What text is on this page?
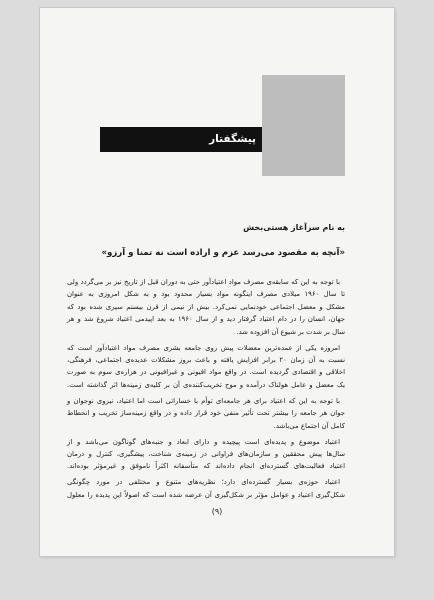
پیشگفتار
به نام سرآغاز هستی‌بخش
«آنچه به مقصود می‌رسد عزم و اراده است نه تمنا و آرزو»
با توجه به این که سابقه‌ی مصرف مواد اعتیادآور حتی به دوران قبل از تاریخ نیز بر می‌گردد ولی
تا سال ۱۹۶۰ میلادی مصرف اینگونه مواد بسیار محدود بود و به شکل امروزی به عنوان
مشکل و معضل اجتماعی خودنمایی نمی‌کرد. بیش از نیمی از قرن بیستم سپری شده بود که
جهان، انسان را در دام اعتیاد گرفتار دید و از سال ۱۹۶۰ به بعد اپیدمی اعتیاد شروع شد و هر
سال بر شدت بر شیوع آن افزوده شد.
امروزه یکی از عمده‌ترین معضلات پیش روی جامعه بشری مصرف مواد اعتیادآور است که
نسبت به آن زمان ۲۰ برابر افزایش یافته و باعث بروز مشکلات عدیده‌ی اجتماعی، فرهنگی،
اخلاقی و اقتصادی گردیده است. در واقع مواد افیونی و غیرافیونی در هزاره‌ی سوم به صورت
یک معضل و عامل هولناک درآمده و موج تخریب‌کننده‌ی آن بر کلیه‌ی زمینه‌ها اثر گذاشته است.
با توجه به این که اعتیاد برای هر جامعه‌ای توأم با خساراتی است اما اعتیاد، نیروی نوجوان و
جوان هر جامعه را بیشتر تحت تأثیر منفی خود قرار داده و در واقع زمینه‌ساز تخریب و انحطاط
کامل آن اجتماع می‌باشد.
اعتیاد موضوع و پدیده‌ای است پیچیده و دارای ابعاد و جنبه‌های گوناگون می‌باشد و از
سال‌ها پیش محققین و سازمان‌های فراوانی در زمینه‌ی شناخت، پیشگیری، کنترل و درمان
اعتیاد فعالیت‌های گسترده‌ای انجام داده‌اند که متأسفانه اکثراً ناموفق و غیرمؤثر بوده‌اند.
اعتیاد حوزه‌ی بسیار گسترده‌ای دارد؛ نظریه‌های متنوع و مختلفی در مورد چگونگی
شکل‌گیری اعتیاد و عوامل مؤثر بر شکل‌گیری آن عرضه شده است که اصولاً این پدیده را معلول
(۹)
